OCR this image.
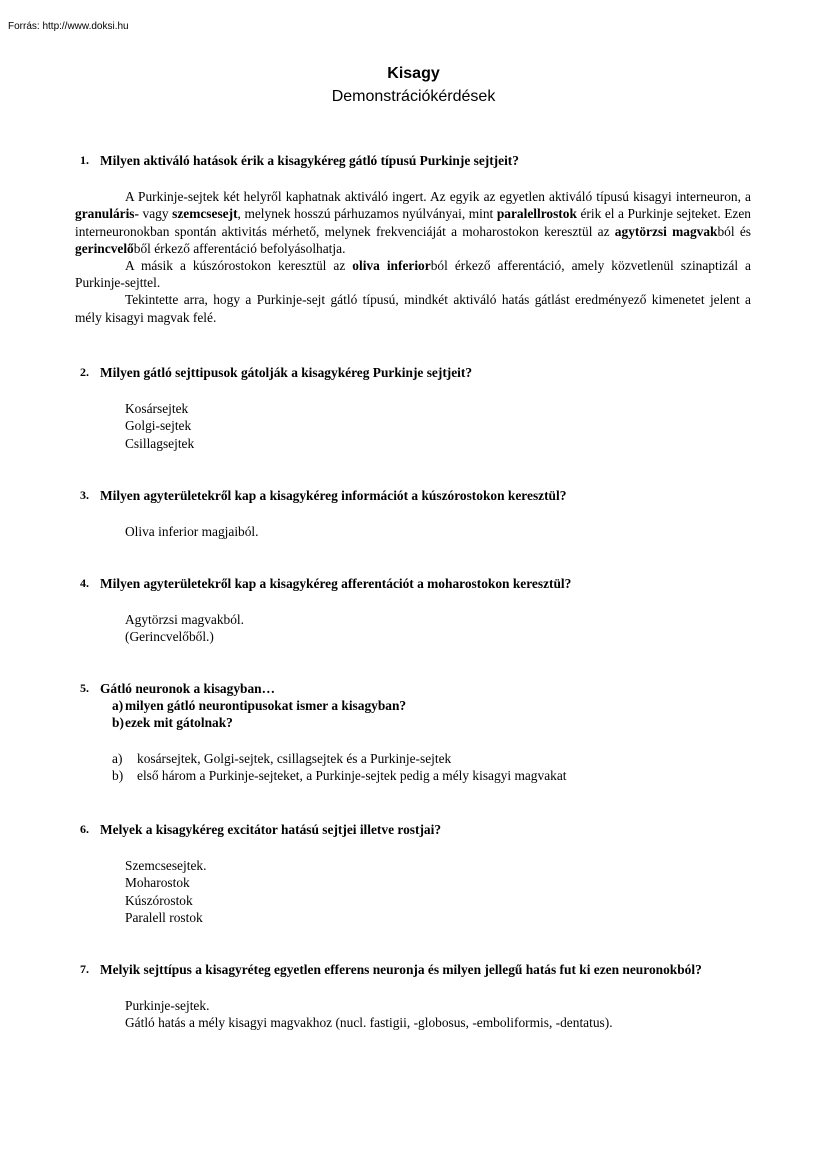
Forrás: http://www.doksi.hu
Kisagy
Demonstrációkérdések
1. Milyen aktiváló hatások érik a kisagykéreg gátló típusú Purkinje sejtjeit?

A Purkinje-sejtek két helyről kaphatnak aktiváló ingert. Az egyik az egyetlen aktiváló típusú kisagyi interneuron, a granuláris- vagy szemcsesejt, melynek hosszú párhuzamos nyúlványai, mint paralellrostok érik el a Purkinje sejteket. Ezen interneuronokban spontán aktivitás mérhető, melynek frekvenciáját a moharostokon keresztül az agytörzsi magvakból és gerincvelőből érkező afferentáció befolyásolhatja.

A másik a kúszórostokon keresztül az oliva inferiorból érkező afferentáció, amely közvetlenül szinaptizál a Purkinje-sejttel.

Tekintette arra, hogy a Purkinje-sejt gátló típusú, mindkét aktiváló hatás gátlást eredményező kimenetet jelent a mély kisagyi magvak felé.

2. Milyen gátló sejttipusok gátolják a kisagykéreg Purkinje sejtjeit?
Kosársejtek
Golgi-sejtek
Csillagsejtek
3. Milyen agyterületekről kap a kisagykéreg információt a kúszórostokon keresztül?
Oliva inferior magjaiból.
4. Milyen agyterületekről kap a kisagykéreg afferentációt a moharostokon keresztül?
Agytörzsi magvakból.
(Gerincvelőből.)
5. Gátló neuronok a kisagyban…
a) milyen gátló neurontipusokat ismer a kisagyban?
b) ezek mit gátolnak?
a) kosársejtek, Golgi-sejtek, csillagsejtek és a Purkinje-sejtek
b) első három a Purkinje-sejteket, a Purkinje-sejtek pedig a mély kisagyi magvakat
6. Melyek a kisagykéreg excitátor hatású sejtjei illetve rostjai?
Szemcsesejtek.
Moharostok
Kúszórostok
Paralell rostok
7. Melyik sejttípus a kisagyréteg egyetlen efferens neuronja és milyen jellegű hatás fut ki ezen neuronokból?
Purkinje-sejtek.
Gátló hatás a mély kisagyi magvakhoz (nucl. fastigii, -globosus, -emboliformis, -dentatus).
